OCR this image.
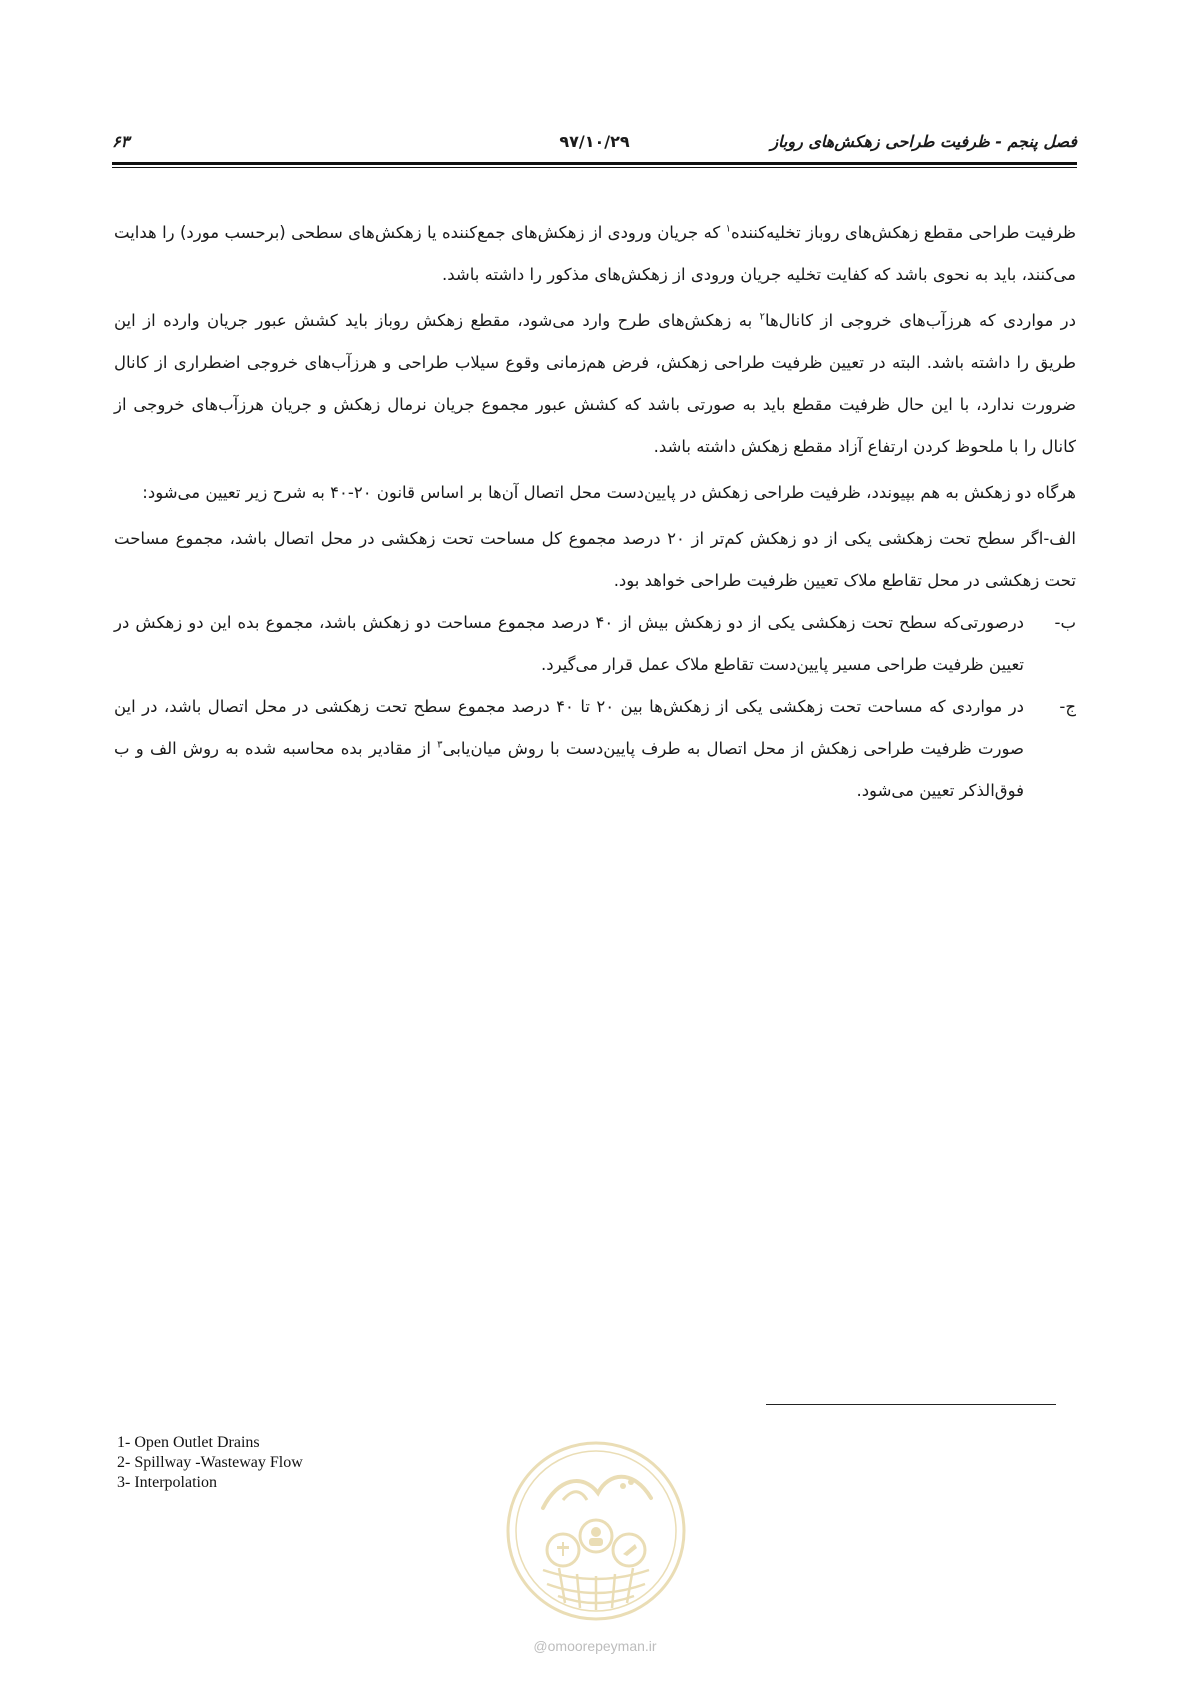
فصل پنجم - ظرفیت طراحی زهکش‌های روباز
۹۷/۱۰/۲۹
۶۳

ظرفیت طراحی مقطع زهکش‌های روباز تخلیه‌کننده$^۱$ که جریان ورودی از زهکش‌های جمع‌کننده یا زهکش‌های سطحی (برحسب مورد) را هدایت می‌کنند، باید به نحوی باشد که کفایت تخلیه جریان ورودی از زهکش‌های مذکور را داشته باشد.

در مواردی که هرزآب‌های خروجی از کانال‌ها$^۲$ به زهکش‌های طرح وارد می‌شود، مقطع زهکش روباز باید کشش عبور جریان وارده از این طریق را داشته باشد. البته در تعیین ظرفیت طراحی زهکش، فرض هم‌زمانی وقوع سیلاب طراحی و هرزآب‌های خروجی اضطراری از کانال ضرورت ندارد، با این حال ظرفیت مقطع باید به صورتی باشد که کشش عبور مجموع جریان نرمال زهکش و جریان هرزآب‌های خروجی از کانال را با ملحوظ کردن ارتفاع آزاد مقطع زهکش داشته باشد.

هرگاه دو زهکش به هم بپیوندد، ظرفیت طراحی زهکش در پایین‌دست محل اتصال آن‌ها بر اساس قانون ۲۰-۴۰ به شرح زیر تعیین می‌شود:

الف-اگر سطح تحت زهکشی یکی از دو زهکش کم‌تر از ۲۰ درصد مجموع کل مساحت تحت زهکشی در محل اتصال باشد، مجموع مساحت تحت زهکشی در محل تقاطع ملاک تعیین ظرفیت طراحی خواهد بود.
ب-
درصورتی‌که سطح تحت زهکشی یکی از دو زهکش بیش از ۴۰ درصد مجموع مساحت دو زهکش باشد، مجموع بده این دو زهکش در تعیین ظرفیت طراحی مسیر پایین‌دست تقاطع ملاک عمل قرار می‌گیرد.
ج-
در مواردی که مساحت تحت زهکشی یکی از زهکش‌ها بین ۲۰ تا ۴۰ درصد مجموع سطح تحت زهکشی در محل اتصال باشد، در این صورت ظرفیت طراحی زهکش از محل اتصال به طرف پایین‌دست با روش میان‌یابی$^۳$ از مقادیر بده محاسبه شده به روش الف و ب فوق‌الذکر تعیین می‌شود.
1- Open Outlet Drains
2- Spillway -Wasteway Flow
3- Interpolation
@omoorepeyman.ir
